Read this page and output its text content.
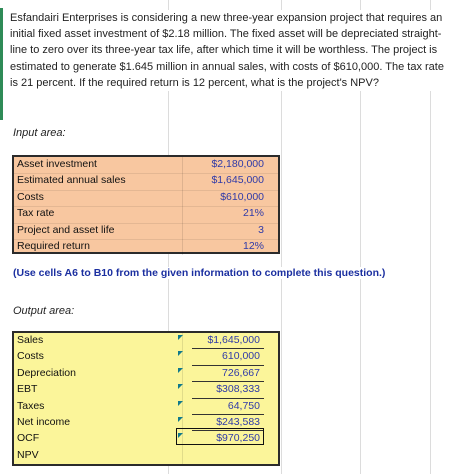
Esfandairi Enterprises is considering a new three-year expansion project that requires an initial fixed asset investment of $2.18 million. The fixed asset will be depreciated straight-line to zero over its three-year tax life, after which time it will be worthless. The project is estimated to generate $1.645 million in annual sales, with costs of $610,000. The tax rate is 21 percent. If the required return is 12 percent, what is the project's NPV?
Input area:
Asset investment	$2,180,000
Estimated annual sales	$1,645,000
Costs	$610,000
Tax rate	21%
Project and asset life	3
Required return	12%
(Use cells A6 to B10 from the given information to complete this question.)
Output area:
Sales	$1,645,000
Costs	610,000
Depreciation	726,667
EBT	$308,333
Taxes	64,750
Net income	$243,583
OCF	$970,250
NPV
